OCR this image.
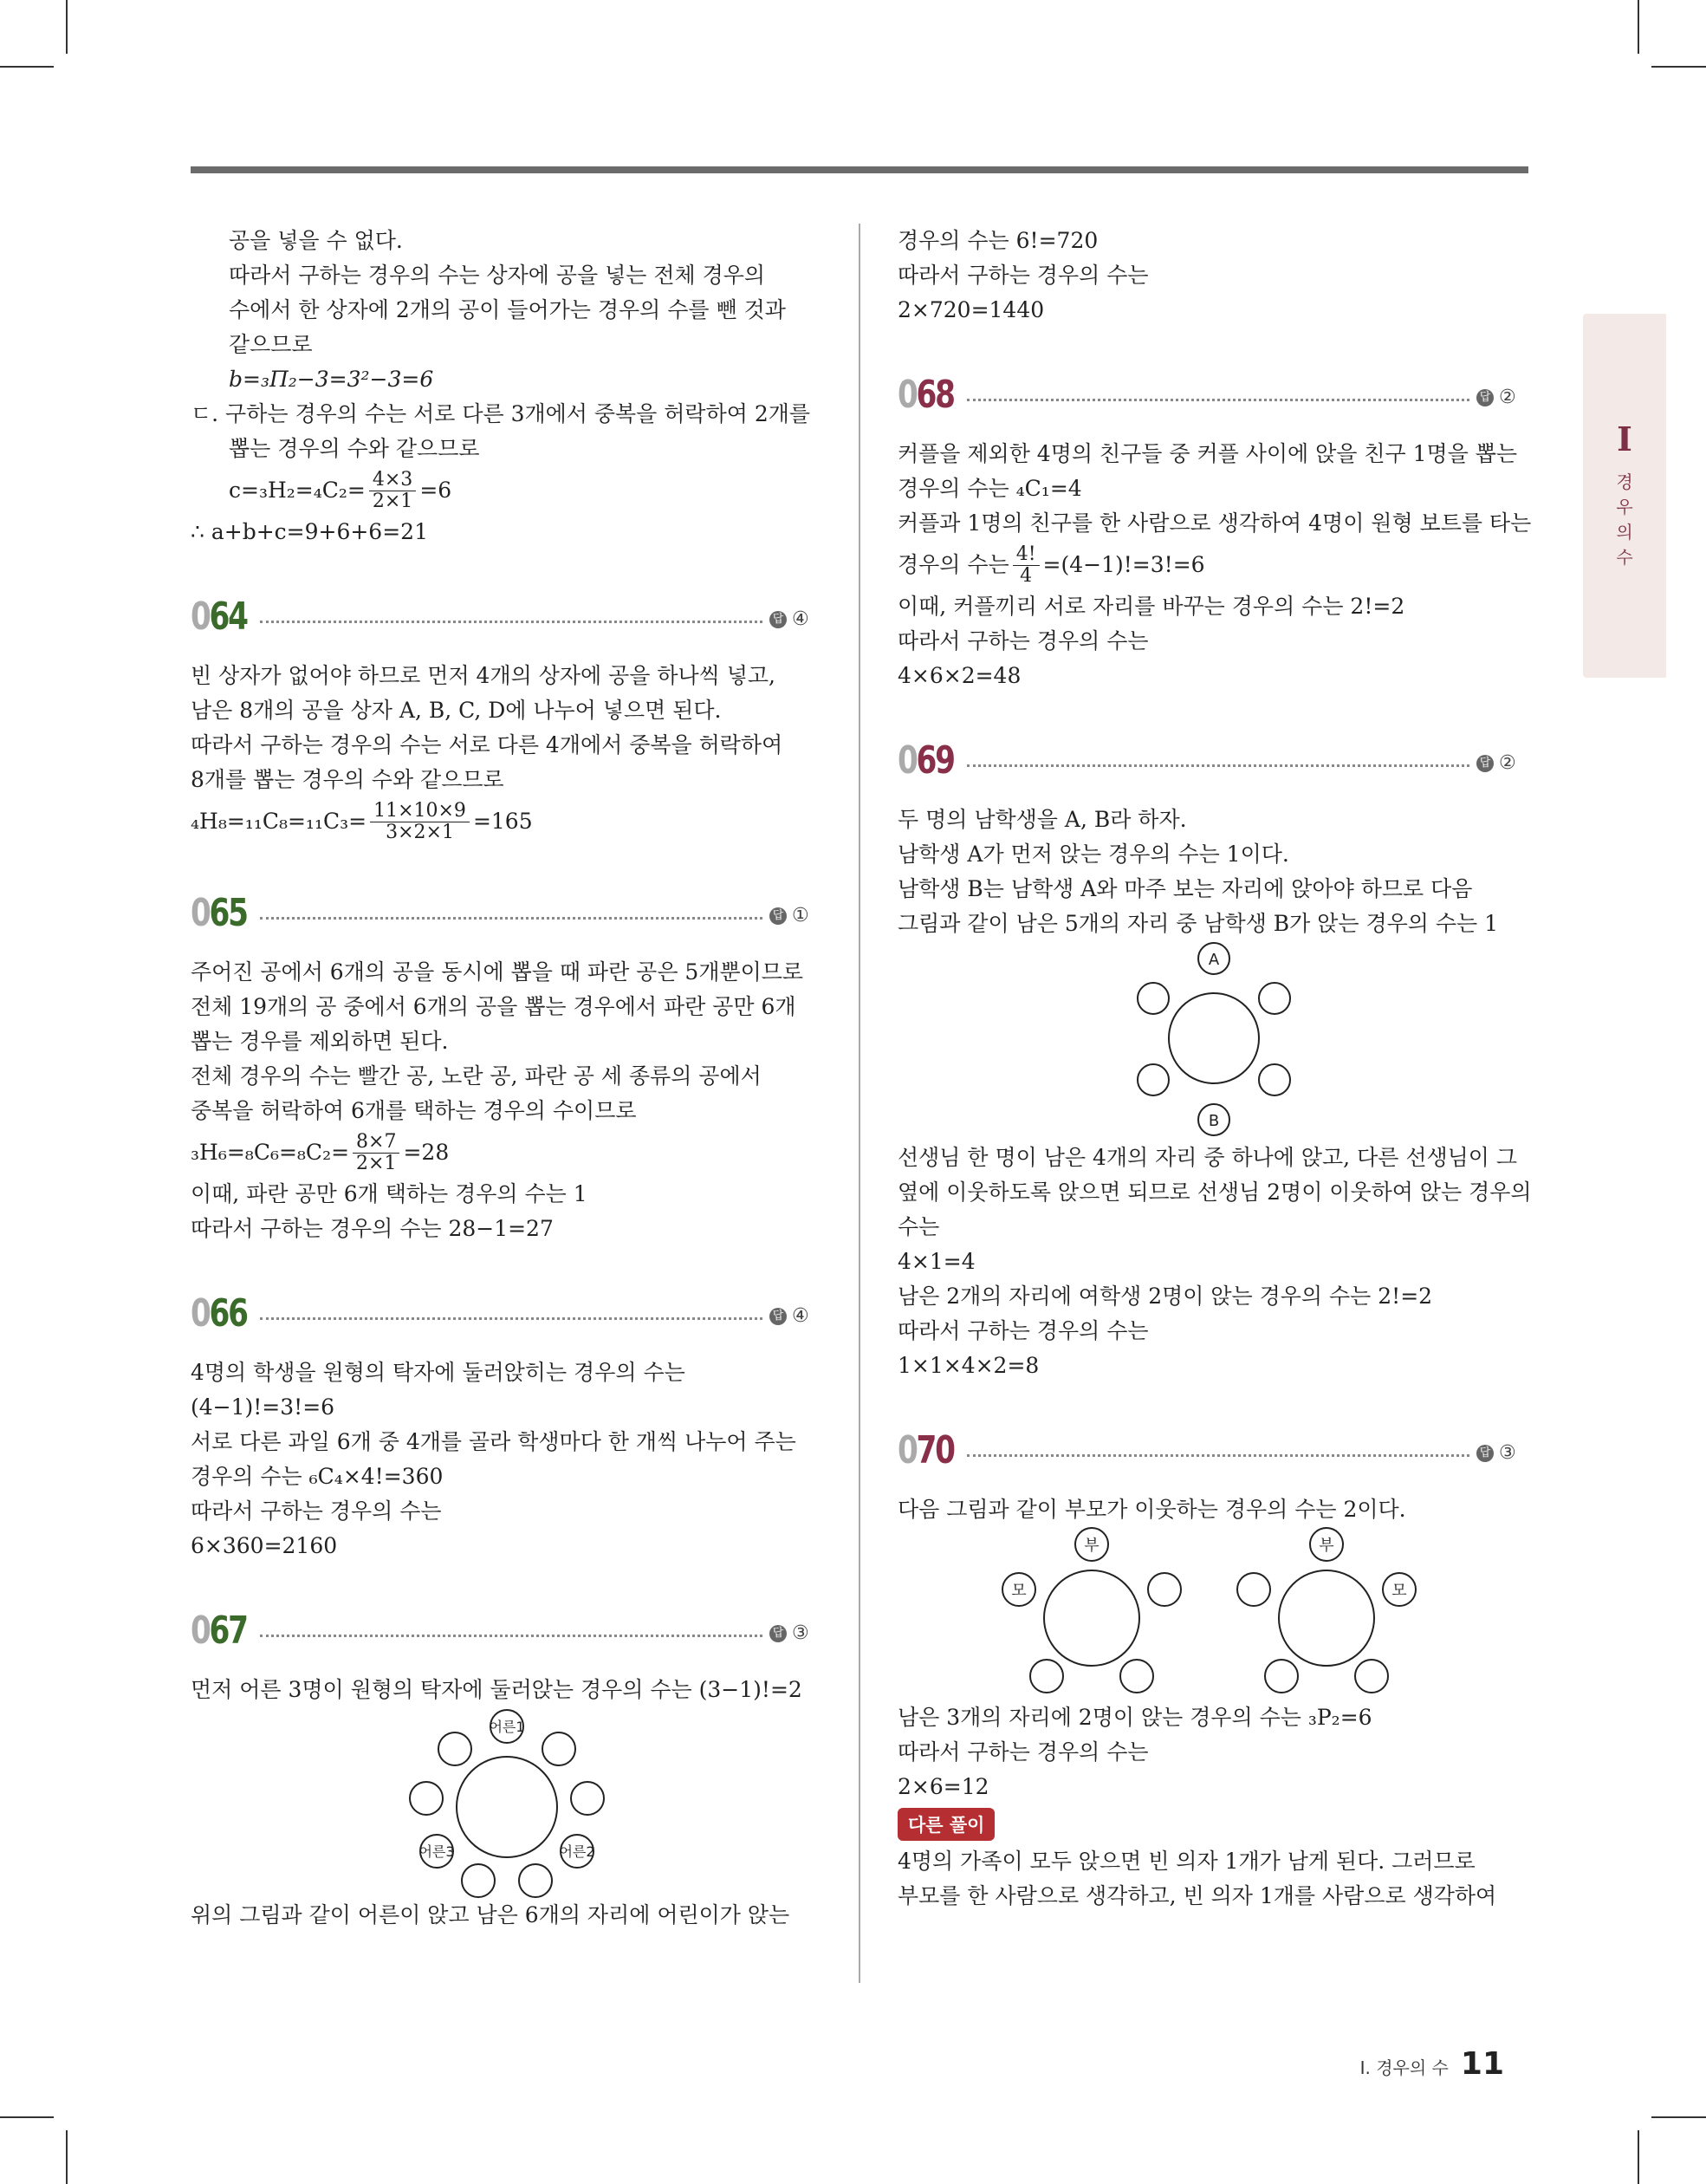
공을 넣을 수 없다.
따라서 구하는 경우의 수는 상자에 공을 넣는 전체 경우의
수에서 한 상자에 2개의 공이 들어가는 경우의 수를 뺀 것과
같으므로
b=₃Π₂−3=3²−3=6
ㄷ. 구하는 경우의 수는 서로 다른 3개에서 중복을 허락하여 2개를
뽑는 경우의 수와 같으므로
$c=_3H_2=_4C_2= \frac{4\times 3}{2\times 1} =6$
∴ a+b+c=9+6+6=21
064	답 ④
빈 상자가 없어야 하므로 먼저 4개의 상자에 공을 하나씩 넣고,
남은 8개의 공을 상자 A, B, C, D에 나누어 넣으면 된다.
따라서 구하는 경우의 수는 서로 다른 4개에서 중복을 허락하여
8개를 뽑는 경우의 수와 같으므로
$_4H_8=_{11}C_8=_{11}C_3= \frac{11\times 10\times 9}{3\times 2\times 1} =165$
065	답 ①
주어진 공에서 6개의 공을 동시에 뽑을 때 파란 공은 5개뿐이므로
전체 19개의 공 중에서 6개의 공을 뽑는 경우에서 파란 공만 6개
뽑는 경우를 제외하면 된다.
전체 경우의 수는 빨간 공, 노란 공, 파란 공 세 종류의 공에서
중복을 허락하여 6개를 택하는 경우의 수이므로
$_3H_6=_8C_6=_8C_2= \frac{8\times 7}{2\times 1} =28$
이때, 파란 공만 6개 택하는 경우의 수는 1
따라서 구하는 경우의 수는 28−1=27
066	답 ④
4명의 학생을 원형의 탁자에 둘러앉히는 경우의 수는
(4−1)!=3!=6
서로 다른 과일 6개 중 4개를 골라 학생마다 한 개씩 나누어 주는
경우의 수는 ₆C₄×4!=360
따라서 구하는 경우의 수는
6×360=2160
067	답 ③
먼저 어른 3명이 원형의 탁자에 둘러앉는 경우의 수는 (3−1)!=2
어른1
어른2
어른3
위의 그림과 같이 어른이 앉고 남은 6개의 자리에 어린이가 앉는
경우의 수는 6!=720
따라서 구하는 경우의 수는
2×720=1440
068	답 ②
커플을 제외한 4명의 친구들 중 커플 사이에 앉을 친구 1명을 뽑는
경우의 수는 ₄C₁=4
커플과 1명의 친구를 한 사람으로 생각하여 4명이 원형 보트를 타는
경우의 수는 $\frac{4!}{4} =(4-1)!=3!=6$
이때, 커플끼리 서로 자리를 바꾸는 경우의 수는 2!=2
따라서 구하는 경우의 수는
4×6×2=48
069	답 ②
두 명의 남학생을 A, B라 하자.
남학생 A가 먼저 앉는 경우의 수는 1이다.
남학생 B는 남학생 A와 마주 보는 자리에 앉아야 하므로 다음
그림과 같이 남은 5개의 자리 중 남학생 B가 앉는 경우의 수는 1
A
B
선생님 한 명이 남은 4개의 자리 중 하나에 앉고, 다른 선생님이 그
옆에 이웃하도록 앉으면 되므로 선생님 2명이 이웃하여 앉는 경우의
수는
4×1=4
남은 2개의 자리에 여학생 2명이 앉는 경우의 수는 2!=2
따라서 구하는 경우의 수는
1×1×4×2=8
070	답 ③
다음 그림과 같이 부모가 이웃하는 경우의 수는 2이다.
부
모
부
모
남은 3개의 자리에 2명이 앉는 경우의 수는 ₃P₂=6
따라서 구하는 경우의 수는
2×6=12
다른 풀이
4명의 가족이 모두 앉으면 빈 의자 1개가 남게 된다. 그러므로
부모를 한 사람으로 생각하고, 빈 의자 1개를 사람으로 생각하여
I
경
우
의
수
Ⅰ. 경우의 수 11
